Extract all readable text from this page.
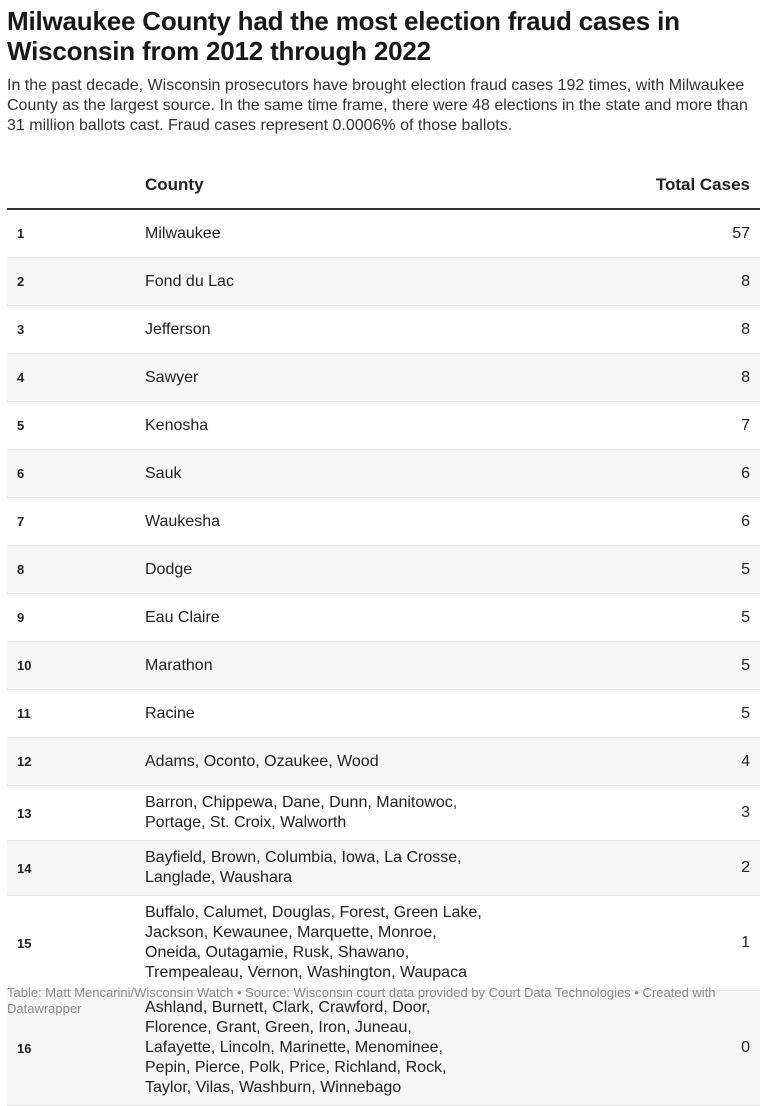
Milwaukee County had the most election fraud cases in Wisconsin from 2012 through 2022

In the past decade, Wisconsin prosecutors have brought election fraud cases 192 times, with Milwaukee County as the largest source. In the same time frame, there were 48 elections in the state and more than 31 million ballots cast. Fraud cases represent 0.0006% of those ballots.

	County	Total Cases
1	Milwaukee	57
2	Fond du Lac	8
3	Jefferson	8
4	Sawyer	8
5	Kenosha	7
6	Sauk	6
7	Waukesha	6
8	Dodge	5
9	Eau Claire	5
10	Marathon	5
11	Racine	5
12	Adams, Oconto, Ozaukee, Wood	4
13	Barron, Chippewa, Dane, Dunn, Manitowoc, Portage, St. Croix, Walworth	3
14	Bayfield, Brown, Columbia, Iowa, La Crosse, Langlade, Waushara	2
15	Buffalo, Calumet, Douglas, Forest, Green Lake, Jackson, Kewaunee, Marquette, Monroe, Oneida, Outagamie, Rusk, Shawano, Trempealeau, Vernon, Washington, Waupaca	1
16	Ashland, Burnett, Clark, Crawford, Door, Florence, Grant, Green, Iron, Juneau, Lafayette, Lincoln, Marinette, Menominee, Pepin, Pierce, Polk, Price, Richland, Rock, Taylor, Vilas, Washburn, Winnebago	0
Table: Matt Mencarini/Wisconsin Watch • Source: Wisconsin court data provided by Court Data Technologies • Created with Datawrapper
